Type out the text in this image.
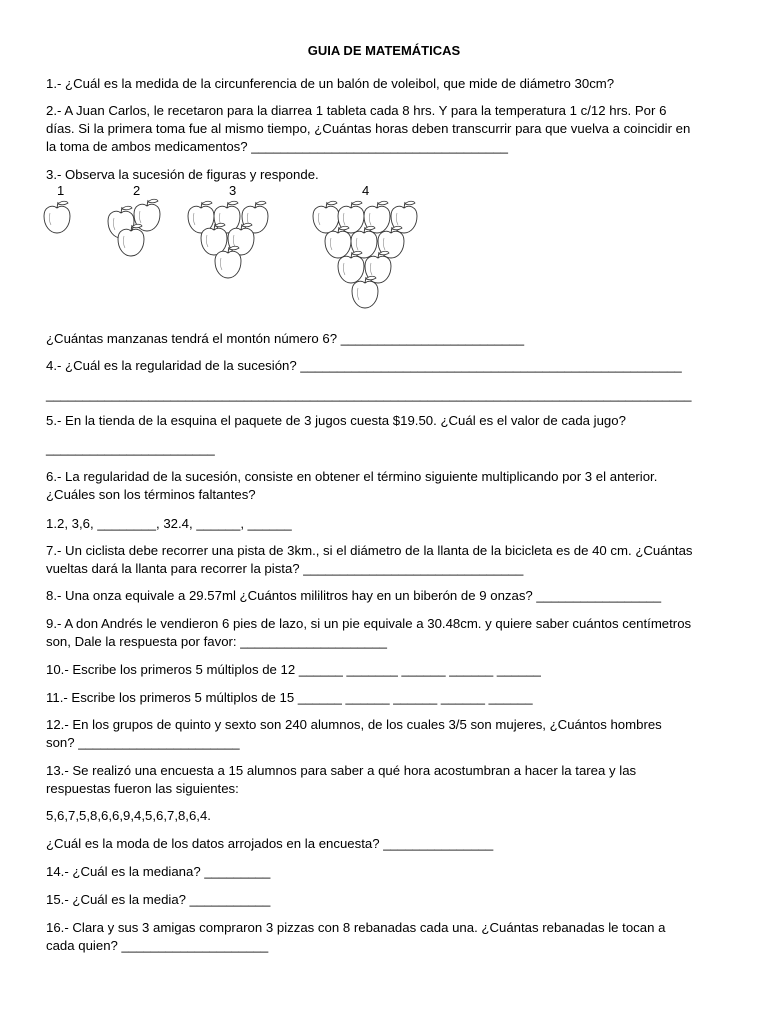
GUIA DE MATEMÁTICAS
1.- ¿Cuál es la medida de la circunferencia de un balón de voleibol, que mide de diámetro 30cm?
2.- A Juan Carlos, le recetaron para la diarrea 1 tableta cada 8 hrs. Y para la temperatura 1 c/12 hrs. Por 6
días. Si la primera toma fue al mismo tiempo, ¿Cuántas horas deben transcurrir para que vuelva a coincidir en
la toma de ambos medicamentos? ___________________________________
3.- Observa la sucesión de figuras y responde.
1	2	3	4
¿Cuántas manzanas tendrá el montón número 6? _________________________
4.- ¿Cuál es la regularidad de la sucesión? ____________________________________________________
________________________________________________________________________________________
5.- En la tienda de la esquina el paquete de 3 jugos cuesta $19.50. ¿Cuál es el valor de cada jugo?
_______________________
6.- La regularidad de la sucesión, consiste en obtener el término siguiente multiplicando por 3 el anterior.
¿Cuáles son los términos faltantes?
1.2, 3,6, ________, 32.4, ______, ______
7.- Un ciclista debe recorrer una pista de 3km., si el diámetro de la llanta de la bicicleta es de 40 cm. ¿Cuántas
vueltas dará la llanta para recorrer la pista? ______________________________
8.- Una onza equivale a 29.57ml ¿Cuántos mililitros hay en un biberón de 9 onzas? _________________
9.- A don Andrés le vendieron 6 pies de lazo, si un pie equivale a 30.48cm. y quiere saber cuántos centímetros
son, Dale la respuesta por favor: ____________________
10.- Escribe los primeros 5 múltiplos de 12 ______ _______ ______ ______ ______
11.- Escribe los primeros 5 múltiplos de 15 ______ ______ ______ ______ ______
12.- En los grupos de quinto y sexto son 240 alumnos, de los cuales 3/5 son mujeres, ¿Cuántos hombres
son? ______________________
13.- Se realizó una encuesta a 15 alumnos para saber a qué hora acostumbran a hacer la tarea y las
respuestas fueron las siguientes:
5,6,7,5,8,6,6,9,4,5,6,7,8,6,4.
¿Cuál es la moda de los datos arrojados en la encuesta? _______________
14.- ¿Cuál es la mediana? _________
15.- ¿Cuál es la media? ___________
16.- Clara y sus 3 amigas compraron 3 pizzas con 8 rebanadas cada una. ¿Cuántas rebanadas le tocan a
cada quien? ____________________
